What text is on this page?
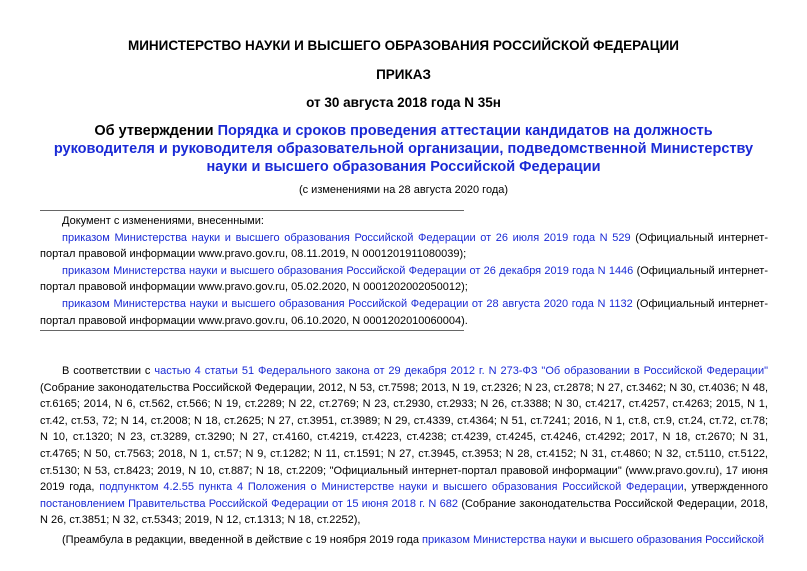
МИНИСТЕРСТВО НАУКИ И ВЫСШЕГО ОБРАЗОВАНИЯ РОССИЙСКОЙ ФЕДЕРАЦИИ
ПРИКАЗ
от 30 августа 2018 года N 35н
Об утверждении Порядка и сроков проведения аттестации кандидатов на должность руководителя и руководителя образовательной организации, подведомственной Министерству науки и высшего образования Российской Федерации
(с изменениями на 28 августа 2020 года)

Документ с изменениями, внесенными:

приказом Министерства науки и высшего образования Российской Федерации от 26 июля 2019 года N 529 (Официальный интернет-портал правовой информации www.pravo.gov.ru, 08.11.2019, N 0001201911080039);

приказом Министерства науки и высшего образования Российской Федерации от 26 декабря 2019 года N 1446 (Официальный интернет-портал правовой информации www.pravo.gov.ru, 05.02.2020, N 0001202002050012);

приказом Министерства науки и высшего образования Российской Федерации от 28 августа 2020 года N 1132 (Официальный интернет-портал правовой информации www.pravo.gov.ru, 06.10.2020, N 0001202010060004).

В соответствии с частью 4 статьи 51 Федерального закона от 29 декабря 2012 г. N 273-ФЗ "Об образовании в Российской Федерации" (Собрание законодательства Российской Федерации, 2012, N 53, ст.7598; 2013, N 19, ст.2326; N 23, ст.2878; N 27, ст.3462; N 30, ст.4036; N 48, ст.6165; 2014, N 6, ст.562, ст.566; N 19, ст.2289; N 22, ст.2769; N 23, ст.2930, ст.2933; N 26, ст.3388; N 30, ст.4217, ст.4257, ст.4263; 2015, N 1, ст.42, ст.53, 72; N 14, ст.2008; N 18, ст.2625; N 27, ст.3951, ст.3989; N 29, ст.4339, ст.4364; N 51, ст.7241; 2016, N 1, ст.8, ст.9, ст.24, ст.72, ст.78; N 10, ст.1320; N 23, ст.3289, ст.3290; N 27, ст.4160, ст.4219, ст.4223, ст.4238; ст.4239, ст.4245, ст.4246, ст.4292; 2017, N 18, ст.2670; N 31, ст.4765; N 50, ст.7563; 2018, N 1, ст.57; N 9, ст.1282; N 11, ст.1591; N 27, ст.3945, ст.3953; N 28, ст.4152; N 31, ст.4860; N 32, ст.5110, ст.5122, ст.5130; N 53, ст.8423; 2019, N 10, ст.887; N 18, ст.2209; "Официальный интернет-портал правовой информации" (www.pravo.gov.ru), 17 июня 2019 года, подпунктом 4.2.55 пункта 4 Положения о Министерстве науки и высшего образования Российской Федерации, утвержденного постановлением Правительства Российской Федерации от 15 июня 2018 г. N 682 (Собрание законодательства Российской Федерации, 2018, N 26, ст.3851; N 32, ст.5343; 2019, N 12, ст.1313; N 18, ст.2252),

(Преамбула в редакции, введенной в действие с 19 ноября 2019 года приказом Министерства науки и высшего образования Российской
